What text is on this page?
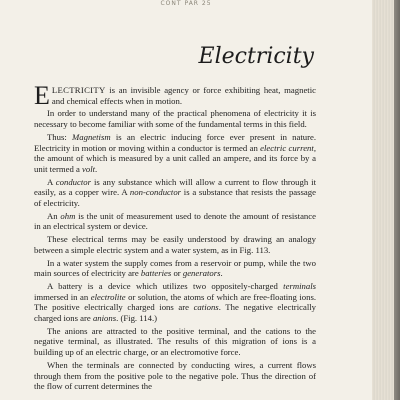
CONT PAR 25
Electricity

ELECTRICITY is an invisible agency or force exhibiting heat, magnetic and chemical effects when in motion.

In order to understand many of the practical phenomena of electricity it is necessary to become familiar with some of the fundamental terms in this field.

Thus: Magnetism is an electric inducing force ever present in nature. Electricity in motion or moving within a conductor is termed an electric current, the amount of which is measured by a unit called an ampere, and its force by a unit termed a volt.

A conductor is any substance which will allow a current to flow through it easily, as a copper wire. A non-conductor is a substance that resists the passage of electricity.

An ohm is the unit of measurement used to denote the amount of resistance in an electrical system or device.

These electrical terms may be easily understood by drawing an analogy between a simple electric system and a water system, as in Fig. 113.

In a water system the supply comes from a reservoir or pump, while the two main sources of electricity are batteries or generators.

A battery is a device which utilizes two oppositely-charged terminals immersed in an electrolite or solution, the atoms of which are free-floating ions. The positive electrically charged ions are cations. The negative electrically charged ions are anions. (Fig. 114.)

The anions are attracted to the positive terminal, and the cations to the negative terminal, as illustrated. The results of this migration of ions is a building up of an electric charge, or an electromotive force.

When the terminals are connected by conducting wires, a current flows through them from the positive pole to the negative pole. Thus the direction of the flow of current determines the
